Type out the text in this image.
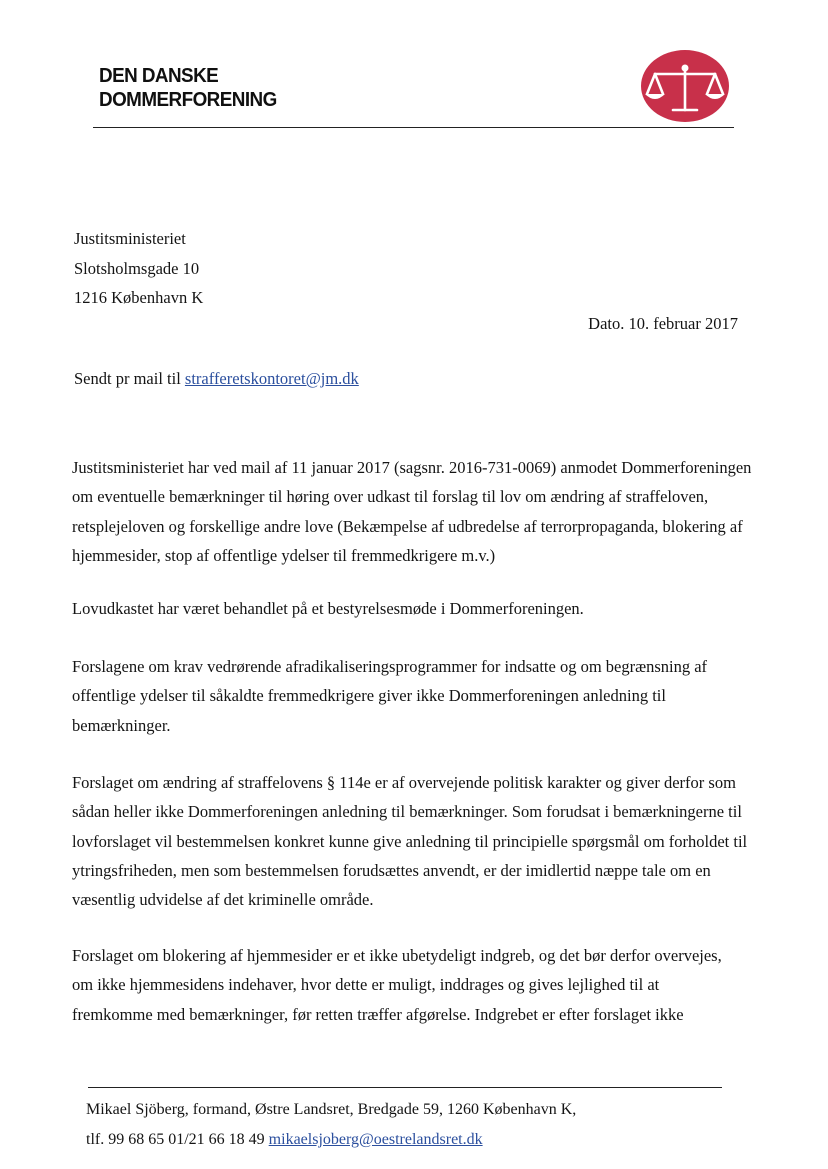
DEN DANSKE
DOMMERFORENING
Justitsministeriet
Slotsholmsgade 10
1216 København K
Dato. 10. februar 2017
Sendt pr mail til strafferetskontoret@jm.dk
Justitsministeriet har ved mail af 11 januar 2017 (sagsnr. 2016-731-0069) anmodet Dommerforeningen
om eventuelle bemærkninger til høring over udkast til forslag til lov om ændring af straffeloven,
retsplejeloven og forskellige andre love (Bekæmpelse af udbredelse af terrorpropaganda, blokering af
hjemmesider, stop af offentlige ydelser til fremmedkrigere m.v.)
Lovudkastet har været behandlet på et bestyrelsesmøde i Dommerforeningen.
Forslagene om krav vedrørende afradikaliseringsprogrammer for indsatte og om begrænsning af
offentlige ydelser til såkaldte fremmedkrigere giver ikke Dommerforeningen anledning til
bemærkninger.
Forslaget om ændring af straffelovens § 114e er af overvejende politisk karakter og giver derfor som
sådan heller ikke Dommerforeningen anledning til bemærkninger. Som forudsat i bemærkningerne til
lovforslaget vil bestemmelsen konkret kunne give anledning til principielle spørgsmål om forholdet til
ytringsfriheden, men som bestemmelsen forudsættes anvendt, er der imidlertid næppe tale om en
væsentlig udvidelse af det kriminelle område.
Forslaget om blokering af hjemmesider er et ikke ubetydeligt indgreb, og det bør derfor overvejes,
om ikke hjemmesidens indehaver, hvor dette er muligt, inddrages og gives lejlighed til at
fremkomme med bemærkninger, før retten træffer afgørelse. Indgrebet er efter forslaget ikke
Mikael Sjöberg, formand, Østre Landsret, Bredgade 59, 1260 København K,
tlf. 99 68 65 01/21 66 18 49 mikaelsjoberg@oestrelandsret.dk
